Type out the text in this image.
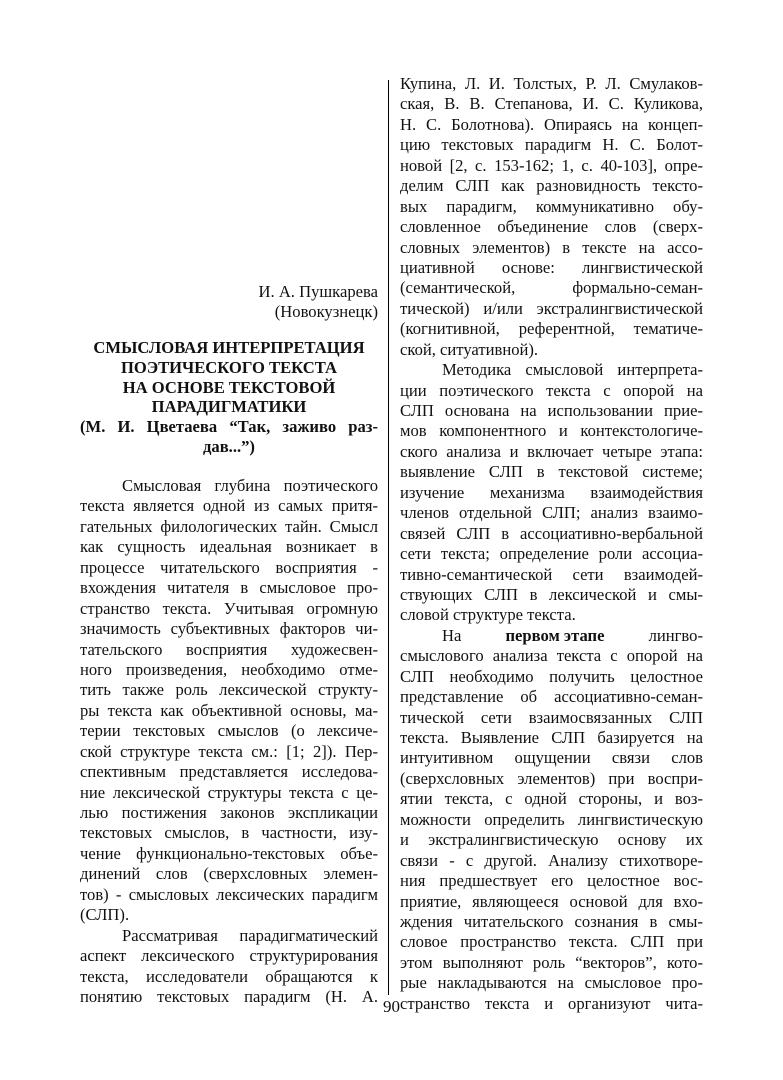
И. А. Пушкарева
(Новокузнецк)
СМЫСЛОВАЯ ИНТЕРПРЕТАЦИЯ
ПОЭТИЧЕСКОГО ТЕКСТА
НА ОСНОВЕ ТЕКСТОВОЙ
ПАРАДИГМАТИКИ
(М. И. Цветаева “Так, заживо раз-
дав...”)
Смысловая глубина поэтического
текста является одной из самых притя-
гательных филологических тайн. Смысл
как сущность идеальная возникает в
процессе читательского восприятия -
вхождения читателя в смысловое про-
странство текста. Учитывая огромную
значимость субъективных факторов чи-
тательского восприятия художесвен-
ного произведения, необходимо отме-
тить также роль лексической структу-
ры текста как объективной основы, ма-
терии текстовых смыслов (о лексиче-
ской структуре текста см.: [1; 2]). Пер-
спективным представляется исследова-
ние лексической структуры текста с це-
лью постижения законов экспликации
текстовых смыслов, в частности, изу-
чение функционально-текстовых объе-
динений слов (сверхсловных элемен-
тов) - смысловых лексических парадигм
(СЛП).
Рассматривая парадигматический
аспект лексического структурирования
текста, исследователи обращаются к
понятию текстовых парадигм (Н. А.
Купина, Л. И. Толстых, Р. Л. Смулаков-
ская, В. В. Степанова, И. С. Куликова,
Н. С. Болотнова). Опираясь на концеп-
цию текстовых парадигм Н. С. Болот-
новой [2, с. 153-162; 1, с. 40-103], опре-
делим СЛП как разновидность тексто-
вых парадигм, коммуникативно обу-
словленное объединение слов (сверх-
словных элементов) в тексте на ассо-
циативной основе: лингвистической
(семантической, формально-семан-
тической) и/или экстралингвистической
(когнитивной, референтной, тематиче-
ской, ситуативной).
Методика смысловой интерпрета-
ции поэтического текста с опорой на
СЛП основана на использовании прие-
мов компонентного и контекстологиче-
ского анализа и включает четыре этапа:
выявление СЛП в текстовой системе;
изучение механизма взаимодействия
членов отдельной СЛП; анализ взаимо-
связей СЛП в ассоциативно-вербальной
сети текста; определение роли ассоциа-
тивно-семантической сети взаимодей-
ствующих СЛП в лексической и смы-
словой структуре текста.
На	первом этапе	лингво-
смыслового анализа текста с опорой на
СЛП необходимо получить целостное
представление об ассоциативно-семан-
тической сети взаимосвязанных СЛП
текста. Выявление СЛП базируется на
интуитивном ощущении связи слов
(сверхсловных элементов) при воспри-
ятии текста, с одной стороны, и воз-
можности определить лингвистическую
и экстралингвистическую основу их
связи - с другой. Анализу стихотворе-
ния предшествует его целостное вос-
приятие, являющееся основой для вхо-
ждения читательского сознания в смы-
словое пространство текста. СЛП при
этом выполняют роль “векторов”, кото-
рые накладываются на смысловое про-
странство текста и организуют чита-
90
